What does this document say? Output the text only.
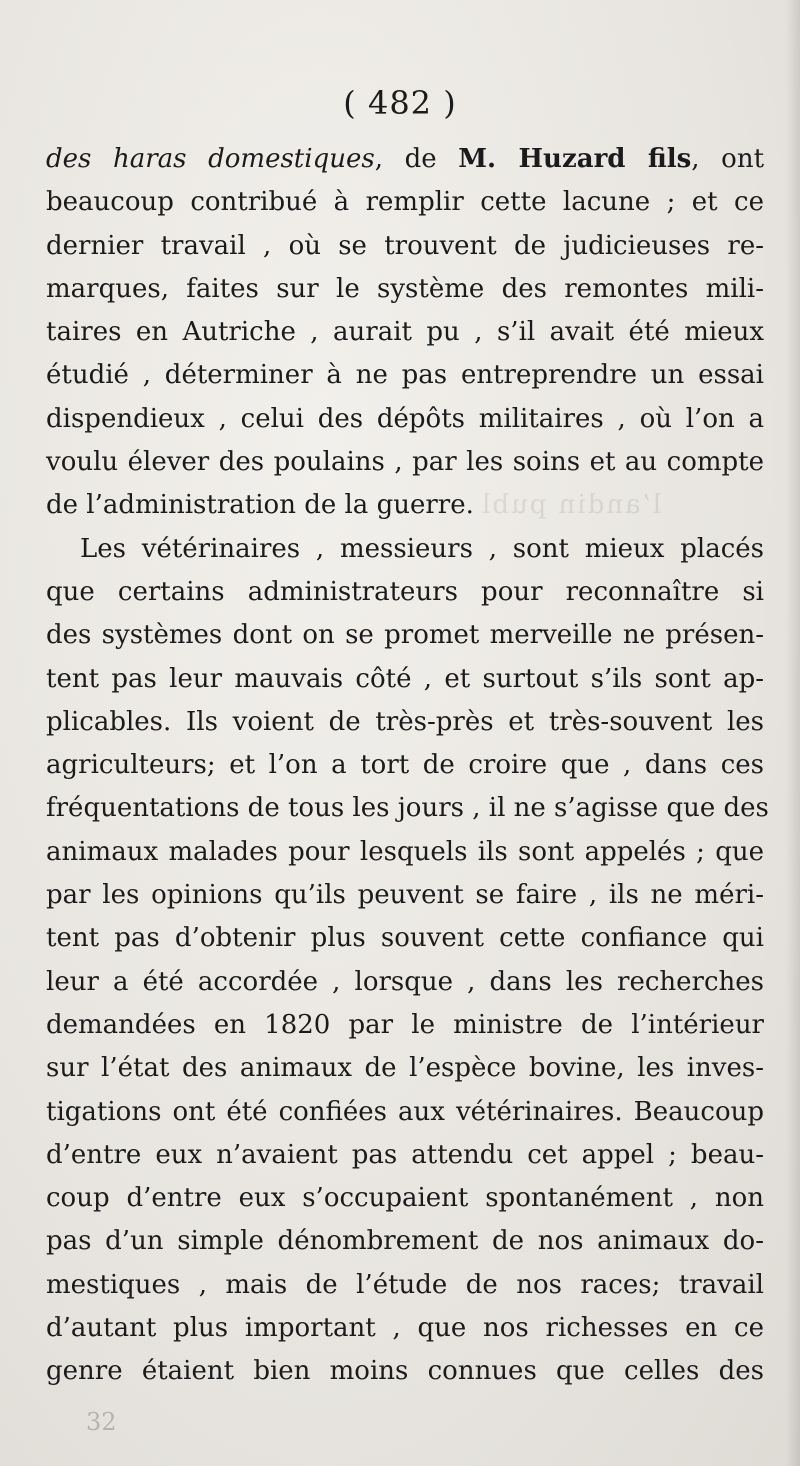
( 482 )
l’andin publ
des haras domestiques, de M. Huzard fils, ont
beaucoup contribué à remplir cette lacune ; et ce
dernier travail , où se trouvent de judicieuses re-
marques, faites sur le système des remontes mili-
taires en Autriche , aurait pu , s’il avait été mieux
étudié , déterminer à ne pas entreprendre un essai
dispendieux , celui des dépôts militaires , où l’on a
voulu élever des poulains , par les soins et au compte
de l’administration de la guerre.
Les vétérinaires , messieurs , sont mieux placés
que certains administrateurs pour reconnaître si
des systèmes dont on se promet merveille ne présen-
tent pas leur mauvais côté , et surtout s’ils sont ap-
plicables. Ils voient de très-près et très-souvent les
agriculteurs; et l’on a tort de croire que , dans ces
fréquentations de tous les jours , il ne s’agisse que des
animaux malades pour lesquels ils sont appelés ; que
par les opinions qu’ils peuvent se faire , ils ne méri-
tent pas d’obtenir plus souvent cette confiance qui
leur a été accordée , lorsque , dans les recherches
demandées en 1820 par le ministre de l’intérieur
sur l’état des animaux de l’espèce bovine, les inves-
tigations ont été confiées aux vétérinaires. Beaucoup
d’entre eux n’avaient pas attendu cet appel ; beau-
coup d’entre eux s’occupaient spontanément , non
pas d’un simple dénombrement de nos animaux do-
mestiques , mais de l’étude de nos races; travail
d’autant plus important , que nos richesses en ce
genre étaient bien moins connues que celles des
32
